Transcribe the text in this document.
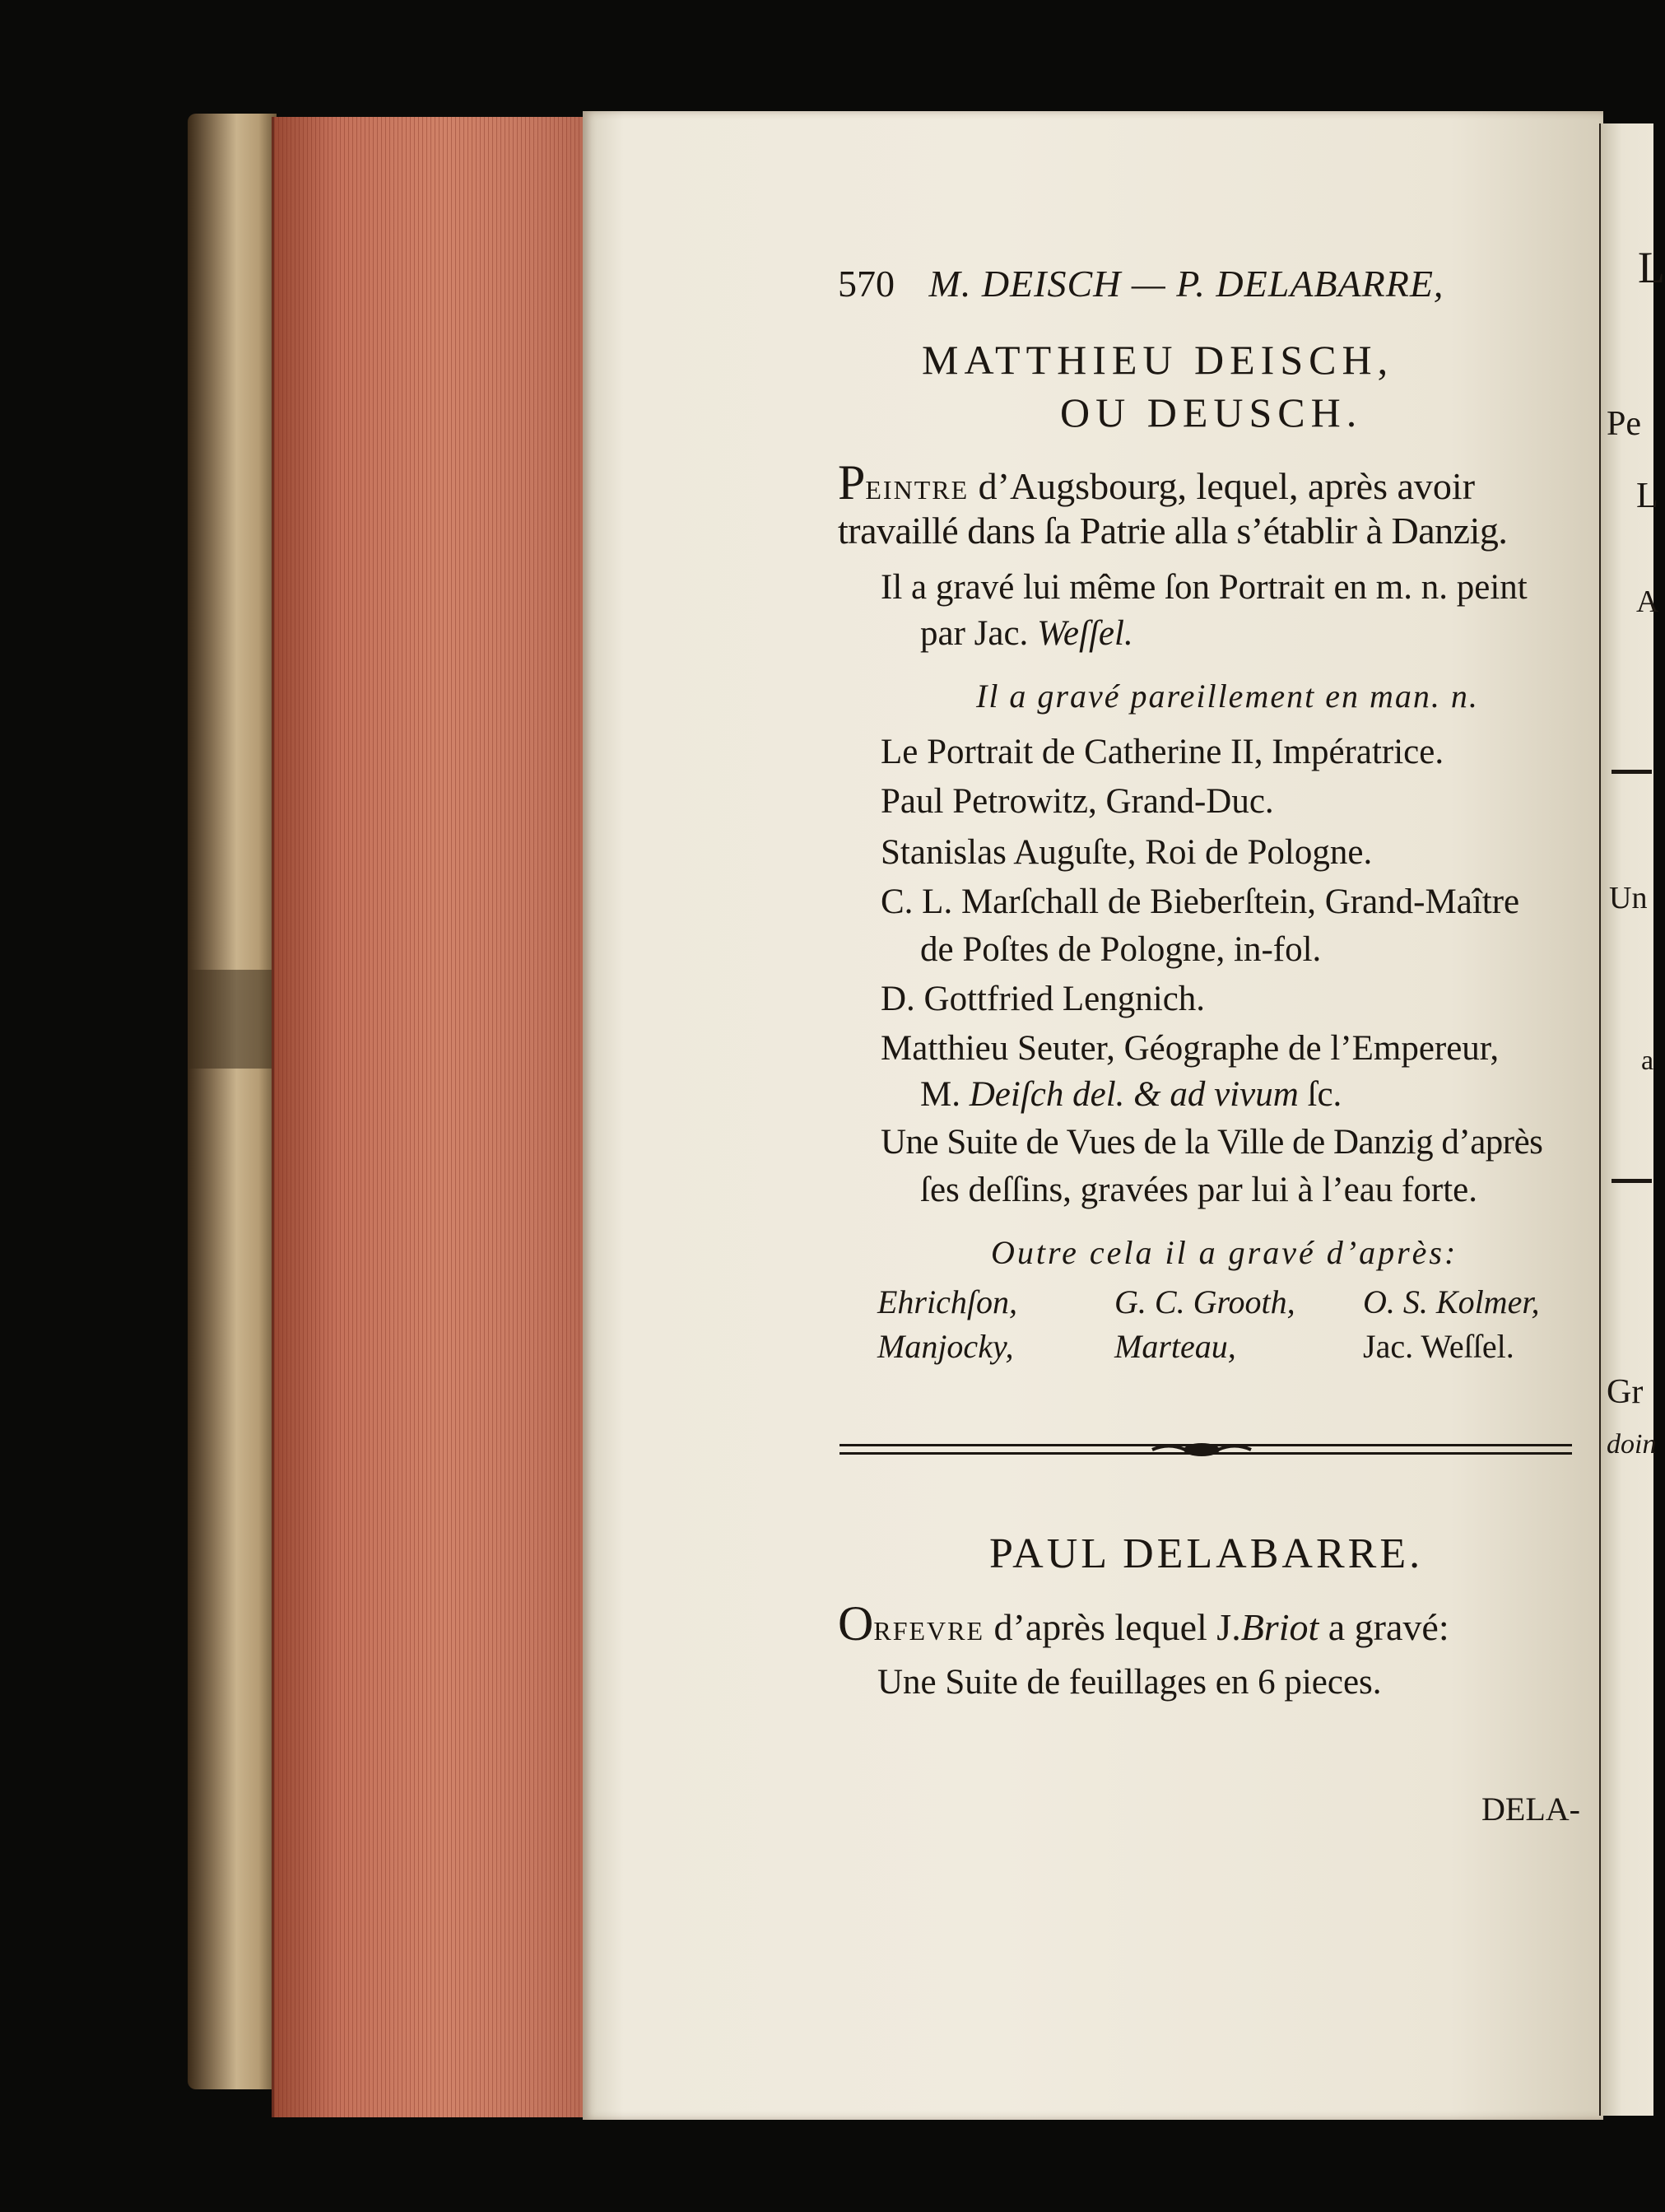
L
Pe
L
A
Un
a
Gr
doin

570 M. DEISCH — P. DELABARRE,
MATTHIEU DEISCH,
OU DEUSCH.
PEINTRE d’Augsbourg, lequel, après avoir
travaillé dans ſa Patrie alla s’établir à Danzig.
Il a gravé lui même ſon Portrait en m. n. peint
par Jac. Weſſel.
Il a gravé pareillement en man. n.
Le Portrait de Catherine II, Impératrice.
Paul Petrowitz, Grand-Duc.
Stanislas Auguſte, Roi de Pologne.
C. L. Marſchall de Bieberſtein, Grand-Maître
de Poſtes de Pologne, in-fol.
D. Gottfried Lengnich.
Matthieu Seuter, Géographe de l’Empereur,
M. Deiſch del. & ad vivum ſc.
Une Suite de Vues de la Ville de Danzig d’après
ſes deſſins, gravées par lui à l’eau forte.
Outre cela il a gravé d’après:
Ehrichſon,	G. C. Grooth, O. S. Kolmer,
Manjocky,	Marteau,	Jac. Weſſel.
PAUL DELABARRE.
ORFEVRE d’après lequel J.Briot a gravé:
Une Suite de feuillages en 6 pieces.
DELA-
